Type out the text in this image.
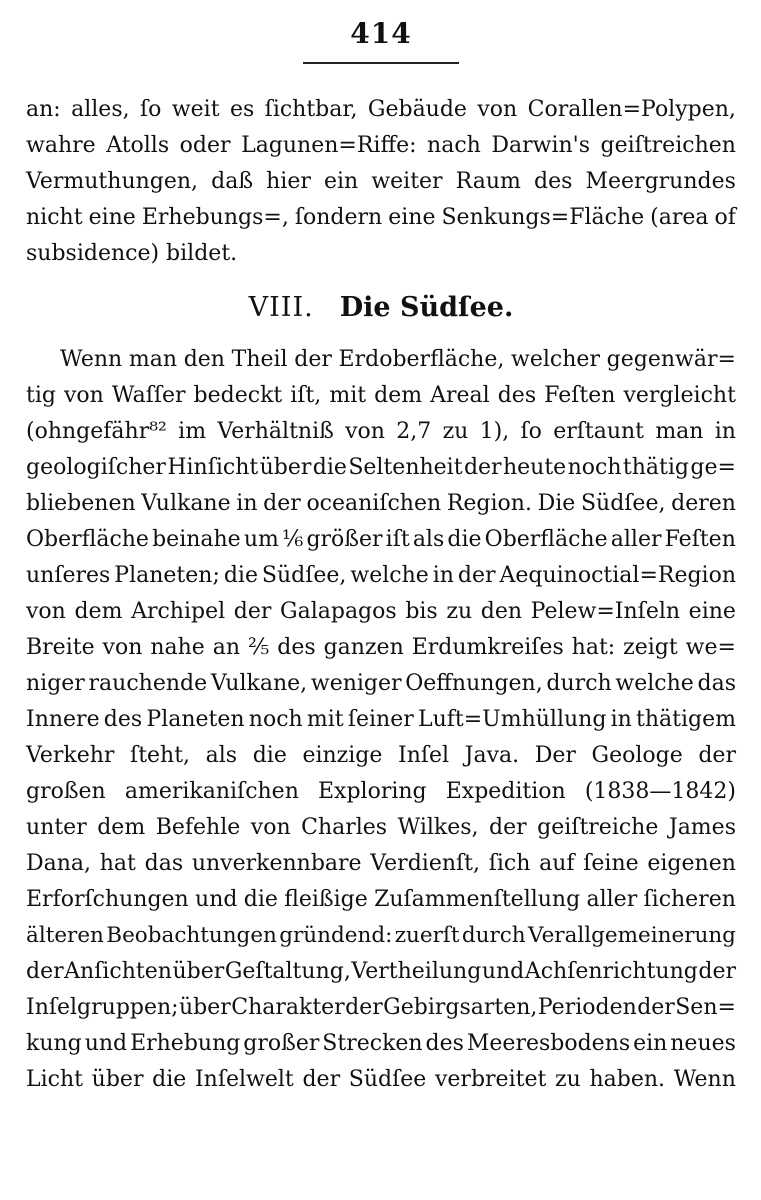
414
an: alles, ſo weit es ſichtbar, Gebäude von Corallen=Polypen,
wahre Atolls oder Lagunen=Riffe: nach Darwin's geiſtreichen
Vermuthungen, daß hier ein weiter Raum des Meergrundes
nicht eine Erhebungs=, ſondern eine Senkungs=Fläche (area of
subsidence) bildet.
VIII. Die Südſee.
Wenn man den Theil der Erdoberfläche, welcher gegenwär=
tig von Waſſer bedeckt iſt, mit dem Areal des Feſten vergleicht
(ohngefähr⁸² im Verhältniß von 2,7 zu 1), ſo erſtaunt man in
geologiſcher Hinſicht über die Seltenheit der heute noch thätig ge=
bliebenen Vulkane in der oceaniſchen Region. Die Südſee, deren
Oberfläche beinahe um ⅙ größer iſt als die Oberfläche aller Feſten
unſeres Planeten; die Südſee, welche in der Aequinoctial=Region
von dem Archipel der Galapagos bis zu den Pelew=Inſeln eine
Breite von nahe an ⅖ des ganzen Erdumkreiſes hat: zeigt we=
niger rauchende Vulkane, weniger Oeffnungen, durch welche das
Innere des Planeten noch mit ſeiner Luft=Umhüllung in thätigem
Verkehr ſteht, als die einzige Inſel Java. Der Geologe der
großen amerikaniſchen Exploring Expedition (1838—1842)
unter dem Befehle von Charles Wilkes, der geiſtreiche James
Dana, hat das unverkennbare Verdienſt, ſich auf ſeine eigenen
Erforſchungen und die fleißige Zuſammenſtellung aller ſicheren
älteren Beobachtungen gründend: zuerſt durch Verallgemeinerung
der Anſichten über Geſtaltung, Vertheilung und Achſenrichtung der
Inſelgruppen; über Charakter der Gebirgsarten, Perioden der Sen=
kung und Erhebung großer Strecken des Meeresbodens ein neues
Licht über die Inſelwelt der Südſee verbreitet zu haben. Wenn
